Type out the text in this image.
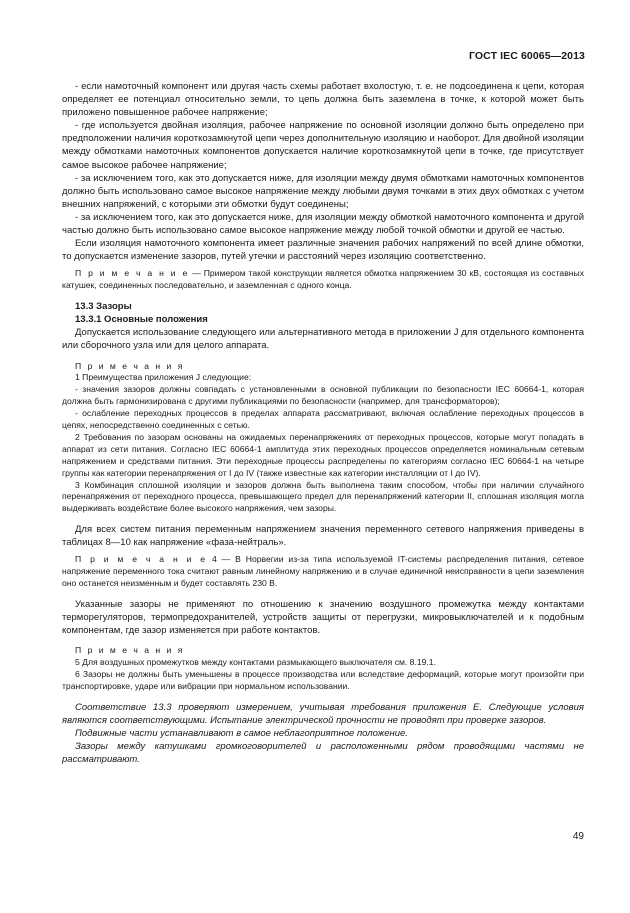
ГОСТ IEC 60065—2013

- если намоточный компонент или другая часть схемы работает вхолостую, т. е. не подсоединена к цепи, которая определяет ее потенциал относительно земли, то цепь должна быть заземлена в точке, к которой может быть приложено повышенное рабочее напряжение;

- где используется двойная изоляция, рабочее напряжение по основной изоляции должно быть определено при предположении наличия короткозамкнутой цепи через дополнительную изоляцию и наоборот. Для двойной изоляции между обмотками намоточных компонентов допускается наличие короткозамкнутой цепи в точке, где присутствует самое высокое рабочее напряжение;

- за исключением того, как это допускается ниже, для изоляции между двумя обмотками намоточных компонентов должно быть использовано самое высокое напряжение между любыми двумя точками в этих двух обмотках с учетом внешних напряжений, с которыми эти обмотки будут соединены;

- за исключением того, как это допускается ниже, для изоляции между обмоткой намоточного компонента и другой частью должно быть использовано самое высокое напряжение между любой точкой обмотки и другой ее частью.

Если изоляция намоточного компонента имеет различные значения рабочих напряжений по всей длине обмотки, то допускается изменение зазоров, путей утечки и расстояний через изоляцию соответственно.

П р и м е ч а н и е — Примером такой конструкции является обмотка напряжением 30 кВ, состоящая из составных катушек, соединенных последовательно, и заземленная с одного конца.

13.3 Зазоры

13.3.1 Основные положения

Допускается использование следующего или альтернативного метода в приложении J для отдельного компонента или сборочного узла или для целого аппарата.

П р и м е ч а н и я

1 Преимущества приложения J следующие:

- значения зазоров должны совпадать с установленными в основной публикации по безопасности IEC 60664-1, которая должна быть гармонизирована с другими публикациями по безопасности (например, для трансформаторов);

- ослабление переходных процессов в пределах аппарата рассматривают, включая ослабление переходных процессов в цепях, непосредственно соединенных с сетью.

2 Требования по зазорам основаны на ожидаемых перенапряжениях от переходных процессов, которые могут попадать в аппарат из сети питания. Согласно IEC 60664-1 амплитуда этих переходных процессов определяется номинальным сетевым напряжением и средствами питания. Эти переходные процессы распределены по категориям согласно IEC 60664-1 на четыре группы как категории перенапряжения от I до IV (также известные как категории инсталляции от I до IV).

3 Комбинация сплошной изоляции и зазоров должна быть выполнена таким способом, чтобы при наличии случайного перенапряжения от переходного процесса, превышающего предел для перенапряжений категории II, сплошная изоляция могла выдерживать воздействие более высокого напряжения, чем зазоры.

Для всех систем питания переменным напряжением значения переменного сетевого напряжения приведены в таблицах 8—10 как напряжение «фаза-нейтраль».

П р и м е ч а н и е 4 — В Норвегии из-за типа используемой IT-системы распределения питания, сетевое напряжение переменного тока считают равным линейному напряжению и в случае единичной неисправности в цепи заземления оно останется неизменным и будет составлять 230 В.

Указанные зазоры не применяют по отношению к значению воздушного промежутка между контактами терморегуляторов, термопредохранителей, устройств защиты от перегрузки, микровыключателей и к подобным компонентам, где зазор изменяется при работе контактов.

П р и м е ч а н и я

5 Для воздушных промежутков между контактами размыкающего выключателя см. 8.19.1.

6 Зазоры не должны быть уменьшены в процессе производства или вследствие деформаций, которые могут произойти при транспортировке, ударе или вибрации при нормальном использовании.

Соответствие 13.3 проверяют измерением, учитывая требования приложения Е. Следующие условия являются соответствующими. Испытание электрической прочности не проводят при проверке зазоров.

Подвижные части устанавливают в самое неблагоприятное положение.

Зазоры между катушками громкоговорителей и расположенными рядом проводящими частями не рассматривают.

49
